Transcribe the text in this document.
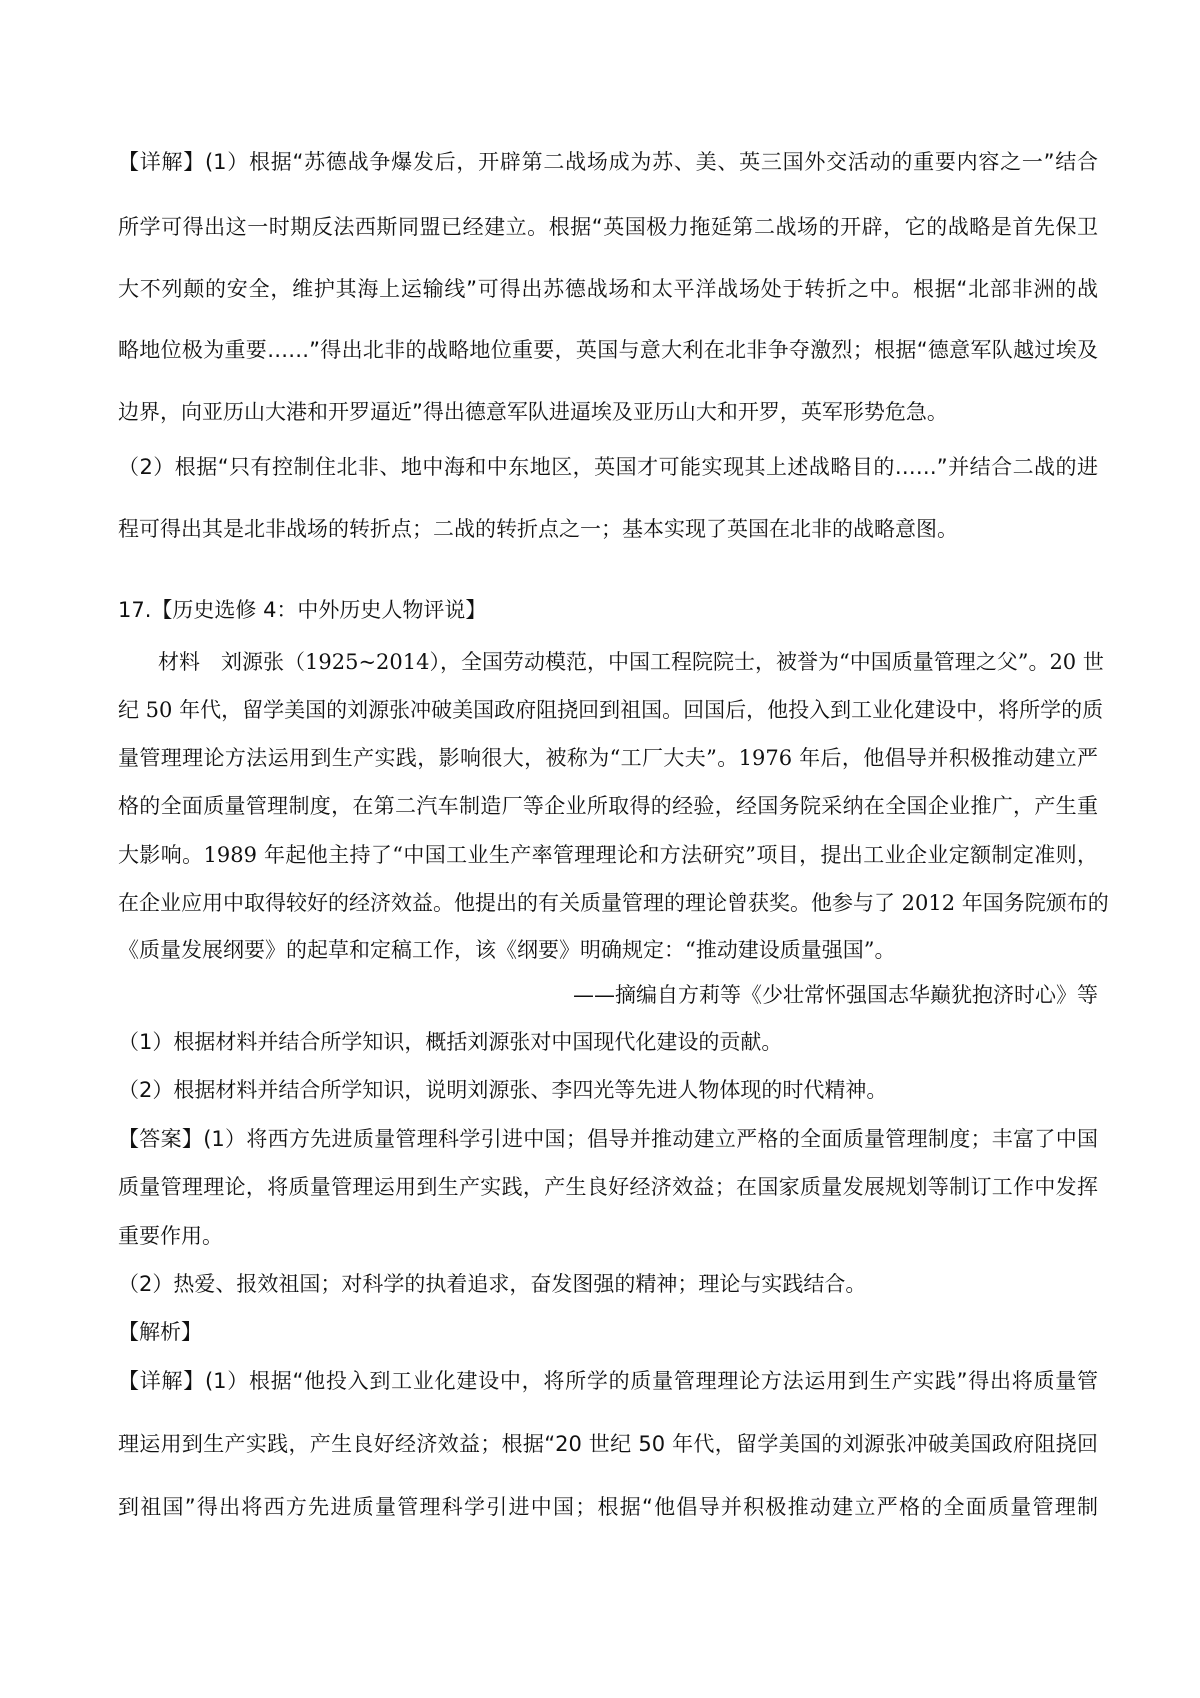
【详解】(1）根据“苏德战争爆发后，开辟第二战场成为苏、美、英三国外交活动的重要内容之一”结合
所学可得出这一时期反法西斯同盟已经建立。根据“英国极力拖延第二战场的开辟，它的战略是首先保卫
大不列颠的安全，维护其海上运输线”可得出苏德战场和太平洋战场处于转折之中。根据“北部非洲的战
略地位极为重要……”得出北非的战略地位重要，英国与意大利在北非争夺激烈；根据“德意军队越过埃及
边界，向亚历山大港和开罗逼近”得出德意军队进逼埃及亚历山大和开罗，英军形势危急。
（2）根据“只有控制住北非、地中海和中东地区，英国才可能实现其上述战略目的……”并结合二战的进
程可得出其是北非战场的转折点；二战的转折点之一；基本实现了英国在北非的战略意图。
17.【历史选修 4：中外历史人物评说】
材料　刘源张（1925~2014），全国劳动模范，中国工程院院士，被誉为“中国质量管理之父”。20 世
纪 50 年代，留学美国的刘源张冲破美国政府阻挠回到祖国。回国后，他投入到工业化建设中，将所学的质
量管理理论方法运用到生产实践，影响很大，被称为“工厂大夫”。1976 年后，他倡导并积极推动建立严
格的全面质量管理制度，在第二汽车制造厂等企业所取得的经验，经国务院采纳在全国企业推广，产生重
大影响。1989 年起他主持了“中国工业生产率管理理论和方法研究”项目，提出工业企业定额制定准则，
在企业应用中取得较好的经济效益。他提出的有关质量管理的理论曾获奖。他参与了 2012 年国务院颁布的
《质量发展纲要》的起草和定稿工作，该《纲要》明确规定：“推动建设质量强国”。
——摘编自方莉等《少壮常怀强国志华巅犹抱济时心》等
（1）根据材料并结合所学知识，概括刘源张对中国现代化建设的贡献。
（2）根据材料并结合所学知识，说明刘源张、李四光等先进人物体现的时代精神。
【答案】(1）将西方先进质量管理科学引进中国；倡导并推动建立严格的全面质量管理制度；丰富了中国
质量管理理论，将质量管理运用到生产实践，产生良好经济效益；在国家质量发展规划等制订工作中发挥
重要作用。
（2）热爱、报效祖国；对科学的执着追求，奋发图强的精神；理论与实践结合。
【解析】
【详解】(1）根据“他投入到工业化建设中，将所学的质量管理理论方法运用到生产实践”得出将质量管
理运用到生产实践，产生良好经济效益；根据“20 世纪 50 年代，留学美国的刘源张冲破美国政府阻挠回
到祖国”得出将西方先进质量管理科学引进中国；根据“他倡导并积极推动建立严格的全面质量管理制
